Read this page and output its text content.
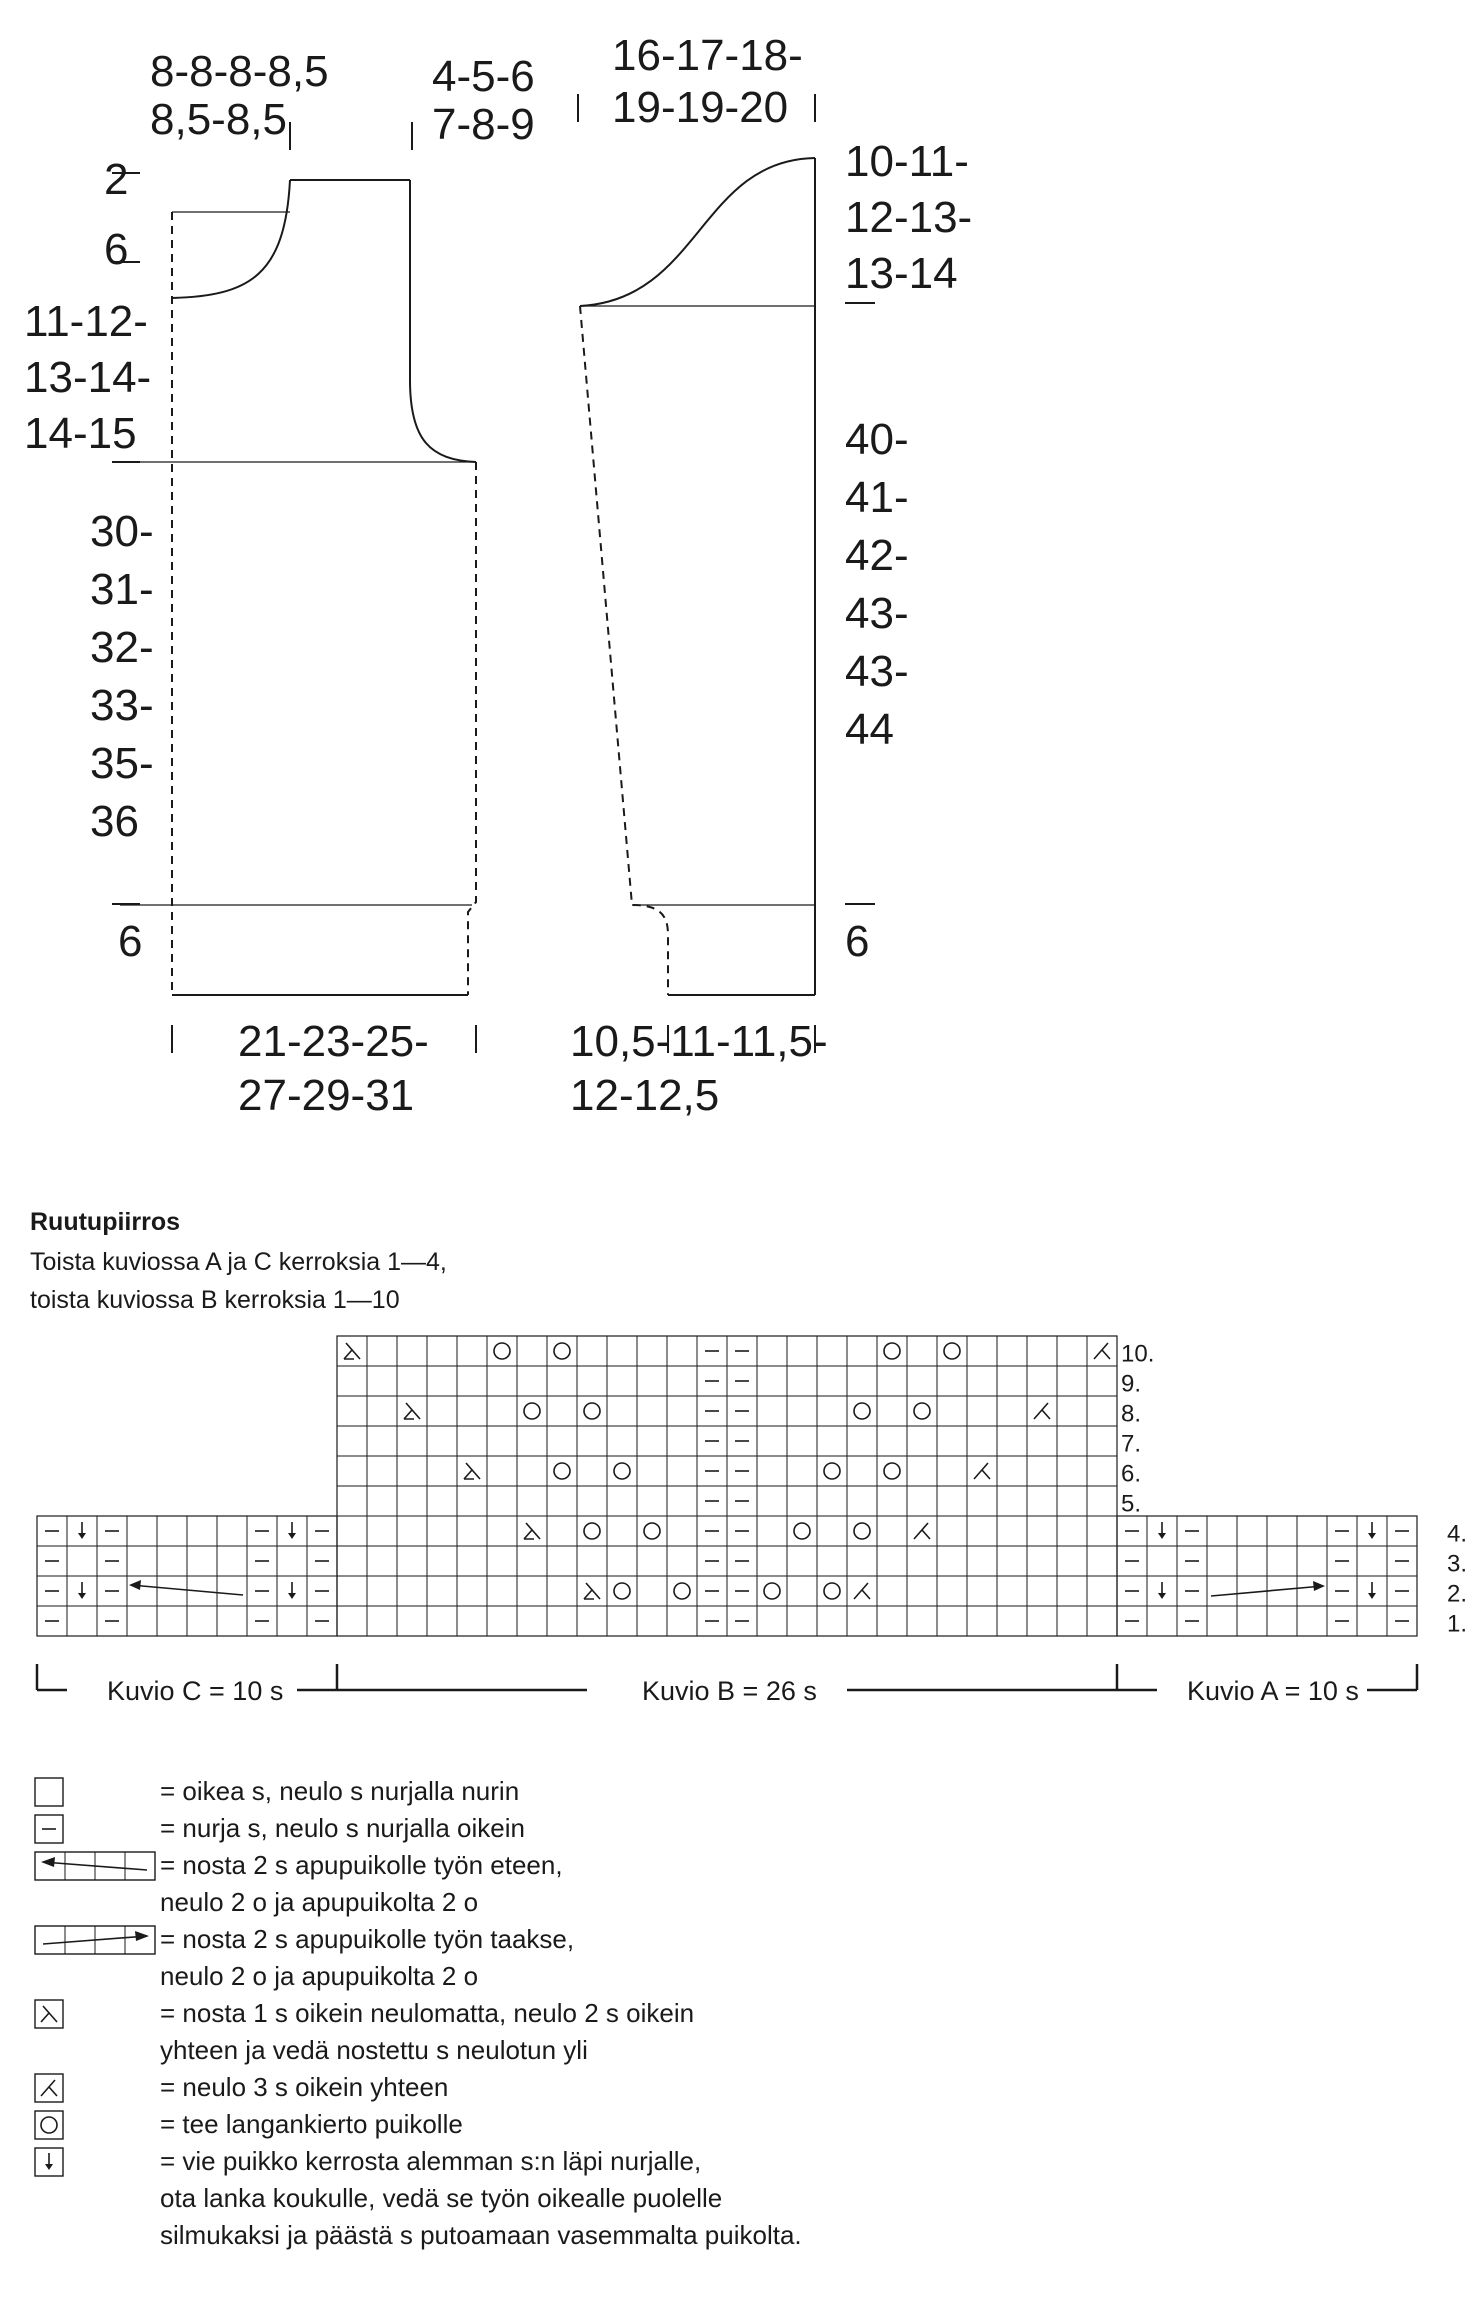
8-8-8-8,5
8,5-8,5
4-5-6
7-8-9
2
6
11-12-
13-14-
14-15
30-
31-
32-
33-
35-
36
6
21-23-25-
27-29-31
16-17-18-
19-19-20
10-11-
12-13-
13-14
40-
41-
42-
43-
43-
44
6
10,5-11-11,5-
12-12,5
Ruutupiirros
Toista kuviossa A ja C kerroksia 1—4,
toista kuviossa B kerroksia 1—10
10.
9.
8.
7.
6.
5.
4.
3.
2.
1.
Kuvio C = 10 s	Kuvio B = 26 s	Kuvio A = 10 s
= oikea s, neulo s nurjalla nurin
= nurja s, neulo s nurjalla oikein
= nosta 2 s apupuikolle työn eteen,
neulo 2 o ja apupuikolta 2 o
= nosta 2 s apupuikolle työn taakse,
neulo 2 o ja apupuikolta 2 o
= nosta 1 s oikein neulomatta, neulo 2 s oikein
yhteen ja vedä nostettu s neulotun yli
= neulo 3 s oikein yhteen
= tee langankierto puikolle
= vie puikko kerrosta alemman s:n läpi nurjalle,
ota lanka koukulle, vedä se työn oikealle puolelle
silmukaksi ja päästä s putoamaan vasemmalta puikolta.
